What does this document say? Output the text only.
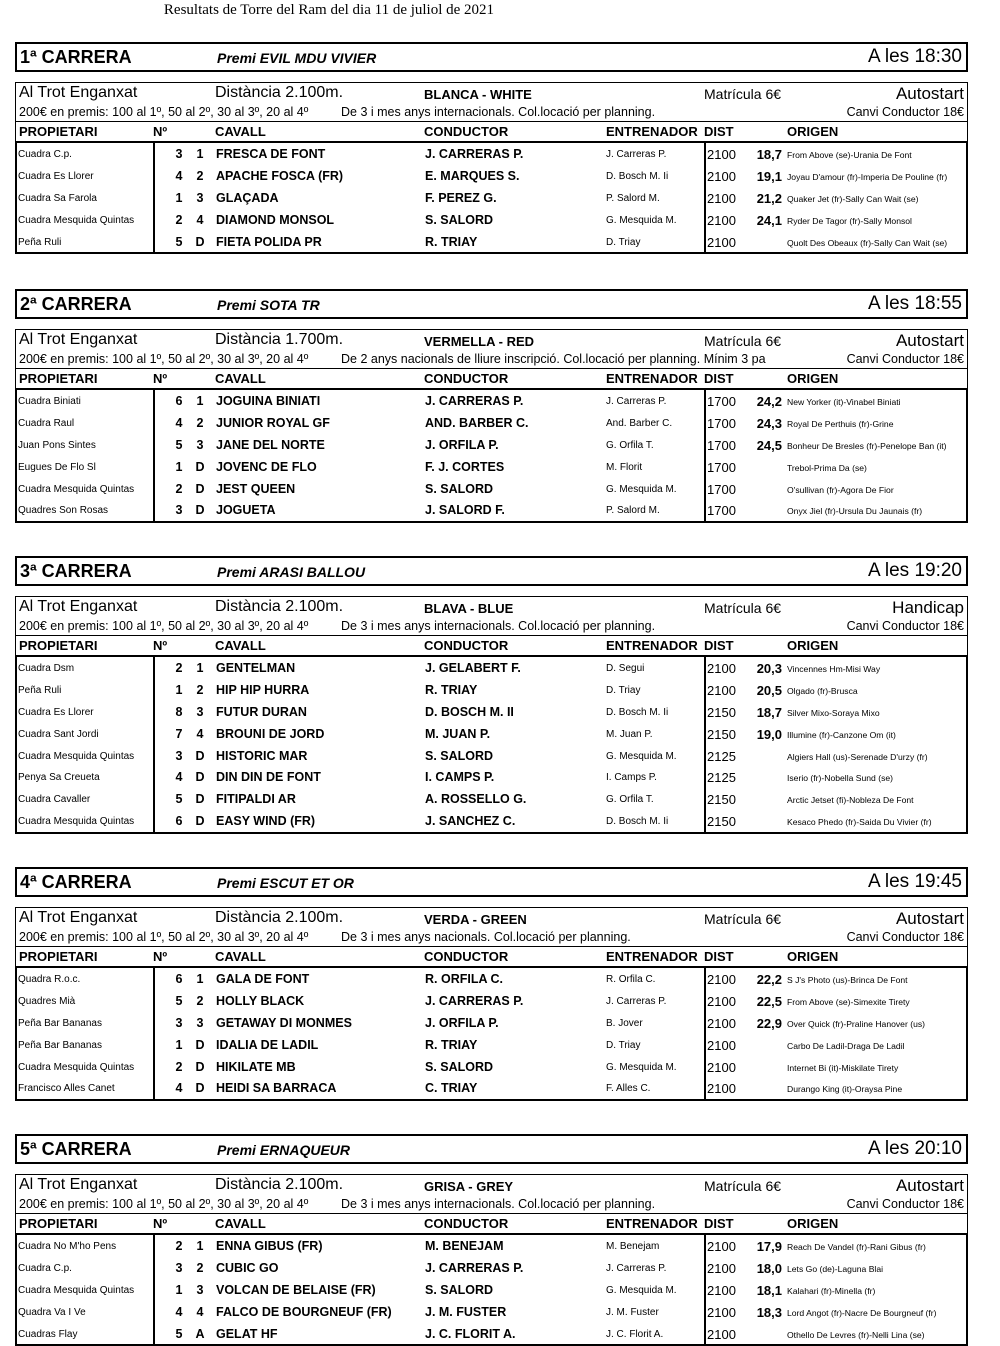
Resultats de Torre del Ram del dia 11 de juliol de 2021
1ª CARRERA	Premi EVIL MDU VIVIER	A les 18:30
Al Trot Enganxat	Distància 2.100m.	BLANCA - WHITE	Matrícula 6€	Autostart
200€ en premis: 100 al 1º, 50 al 2º, 30 al 3º, 20 al 4º	De 3 i mes anys internacionals. Col.locació per planning.	Canvi Conductor 18€
PROPIETARI	Nº	CAVALL	CONDUCTOR	ENTRENADOR DIST	ORIGEN
Cuadra C.p.	3 1 FRESCA DE FONT	J. CARRERAS P.	J. Carreras P.	2100	18,7 From Above (se)-Urania De Font
Cuadra Es Llorer	4 2 APACHE FOSCA (FR)	E. MARQUES S.	D. Bosch M. Ii	2100	19,1 Joyau D'amour (fr)-Imperia De Pouline (fr)
Cuadra Sa Farola	1 3 GLAÇADA	F. PEREZ G.	P. Salord M.	2100	21,2 Quaker Jet (fr)-Sally Can Wait (se)
Cuadra Mesquida Quintas	2 4 DIAMOND MONSOL	S. SALORD	G. Mesquida M. 2100	24,1 Ryder De Tagor (fr)-Sally Monsol
Peña Ruli	5 D FIETA POLIDA PR	R. TRIAY	D. Triay	2100	Quolt Des Obeaux (fr)-Sally Can Wait (se)
2ª CARRERA	Premi SOTA TR	A les 18:55
Al Trot Enganxat	Distància 1.700m.	VERMELLA - RED	Matrícula 6€	Autostart
200€ en premis: 100 al 1º, 50 al 2º, 30 al 3º, 20 al 4º	De 2 anys nacionals de lliure inscripció. Col.locació per planning. Mínim 3 pa	Canvi Conductor 18€
PROPIETARI	Nº	CAVALL	CONDUCTOR	ENTRENADOR DIST	ORIGEN
Cuadra Biniati	6 1 JOGUINA BINIATI	J. CARRERAS P.	J. Carreras P.	1700	24,2 New Yorker (it)-Vinabel Biniati
Cuadra Raul	4 2 JUNIOR ROYAL GF	AND. BARBER C.	And. Barber C.	1700	24,3 Royal De Perthuis (fr)-Grine
Juan Pons Sintes	5 3 JANE DEL NORTE	J. ORFILA P.	G. Orfila T.	1700	24,5 Bonheur De Bresles (fr)-Penelope Ban (it)
Eugues De Flo Sl	1 D JOVENC DE FLO	F. J. CORTES	M. Florit	1700	Trebol-Prima Da (se)
Cuadra Mesquida Quintas	2 D JEST QUEEN	S. SALORD	G. Mesquida M. 1700	O'sullivan (fr)-Agora De Fior
Quadres Son Rosas	3 D JOGUETA	J. SALORD F.	P. Salord M.	1700	Onyx Jiel (fr)-Ursula Du Jaunais (fr)
3ª CARRERA	Premi ARASI BALLOU	A les 19:20
Al Trot Enganxat	Distància 2.100m.	BLAVA - BLUE	Matrícula 6€	Handicap
200€ en premis: 100 al 1º, 50 al 2º, 30 al 3º, 20 al 4º	De 3 i mes anys internacionals. Col.locació per planning.	Canvi Conductor 18€
PROPIETARI	Nº	CAVALL	CONDUCTOR	ENTRENADOR DIST	ORIGEN
Cuadra Dsm	2 1 GENTELMAN	J. GELABERT F.	D. Segui	2100	20,3 Vincennes Hm-Misi Way
Peña Ruli	1 2 HIP HIP HURRA	R. TRIAY	D. Triay	2100	20,5 Olgado (fr)-Brusca
Cuadra Es Llorer	8 3 FUTUR DURAN	D. BOSCH M. II	D. Bosch M. Ii	2150	18,7 Silver Mixo-Soraya Mixo
Cuadra Sant Jordi	7 4 BROUNI DE JORD	M. JUAN P.	M. Juan P.	2150	19,0 Illumine (fr)-Canzone Om (it)
Cuadra Mesquida Quintas	3 D HISTORIC MAR	S. SALORD	G. Mesquida M. 2125	Algiers Hall (us)-Serenade D'urzy (fr)
Penya Sa Creueta	4 D DIN DIN DE FONT	I. CAMPS P.	I. Camps P.	2125	Iserio (fr)-Nobella Sund (se)
Cuadra Cavaller	5 D FITIPALDI AR	A. ROSSELLO G.	G. Orfila T.	2150	Arctic Jetset (fi)-Nobleza De Font
Cuadra Mesquida Quintas	6 D EASY WIND (FR)	J. SANCHEZ C.	D. Bosch M. Ii	2150	Kesaco Phedo (fr)-Saida Du Vivier (fr)
4ª CARRERA	Premi ESCUT ET OR	A les 19:45
Al Trot Enganxat	Distància 2.100m.	VERDA - GREEN	Matrícula 6€	Autostart
200€ en premis: 100 al 1º, 50 al 2º, 30 al 3º, 20 al 4º	De 3 i mes anys nacionals. Col.locació per planning.	Canvi Conductor 18€
PROPIETARI	Nº	CAVALL	CONDUCTOR	ENTRENADOR DIST	ORIGEN
Quadra R.o.c.	6 1 GALA DE FONT	R. ORFILA C.	R. Orfila C.	2100	22,2 S J's Photo (us)-Brinca De Font
Quadres Mià	5 2 HOLLY BLACK	J. CARRERAS P.	J. Carreras P.	2100	22,5 From Above (se)-Simexite Tirety
Peña Bar Bananas	3 3 GETAWAY DI MONMES	J. ORFILA P.	B. Jover	2100	22,9 Over Quick (fr)-Praline Hanover (us)
Peña Bar Bananas	1 D IDALIA DE LADIL	R. TRIAY	D. Triay	2100	Carbo De Ladil-Draga De Ladil
Cuadra Mesquida Quintas	2 D HIKILATE MB	S. SALORD	G. Mesquida M. 2100	Internet Bi (it)-Miskilate Tirety
Francisco Alles Canet	4 D HEIDI SA BARRACA	C. TRIAY	F. Alles C.	2100	Durango King (it)-Oraysa Pine
5ª CARRERA	Premi ERNAQUEUR	A les 20:10
Al Trot Enganxat	Distància 2.100m.	GRISA - GREY	Matrícula 6€	Autostart
200€ en premis: 100 al 1º, 50 al 2º, 30 al 3º, 20 al 4º	De 3 i mes anys internacionals. Col.locació per planning.	Canvi Conductor 18€
PROPIETARI	Nº	CAVALL	CONDUCTOR	ENTRENADOR DIST	ORIGEN
Cuadra No M'ho Pens	2 1 ENNA GIBUS (FR)	M. BENEJAM	M. Benejam	2100	17,9 Reach De Vandel (fr)-Rani Gibus (fr)
Cuadra C.p.	3 2 CUBIC GO	J. CARRERAS P.	J. Carreras P.	2100	18,0 Lets Go (de)-Laguna Blai
Cuadra Mesquida Quintas	1 3 VOLCAN DE BELAISE (FR)	S. SALORD	G. Mesquida M. 2100	18,1 Kalahari (fr)-Minella (fr)
Quadra Va I Ve	4 4 FALCO DE BOURGNEUF (FR)	J. M. FUSTER	J. M. Fuster	2100	18,3 Lord Angot (fr)-Nacre De Bourgneuf (fr)
Cuadras Flay	5 A GELAT HF	J. C. FLORIT A.	J. C. Florit A.	2100	Othello De Levres (fr)-Nelli Lina (se)
